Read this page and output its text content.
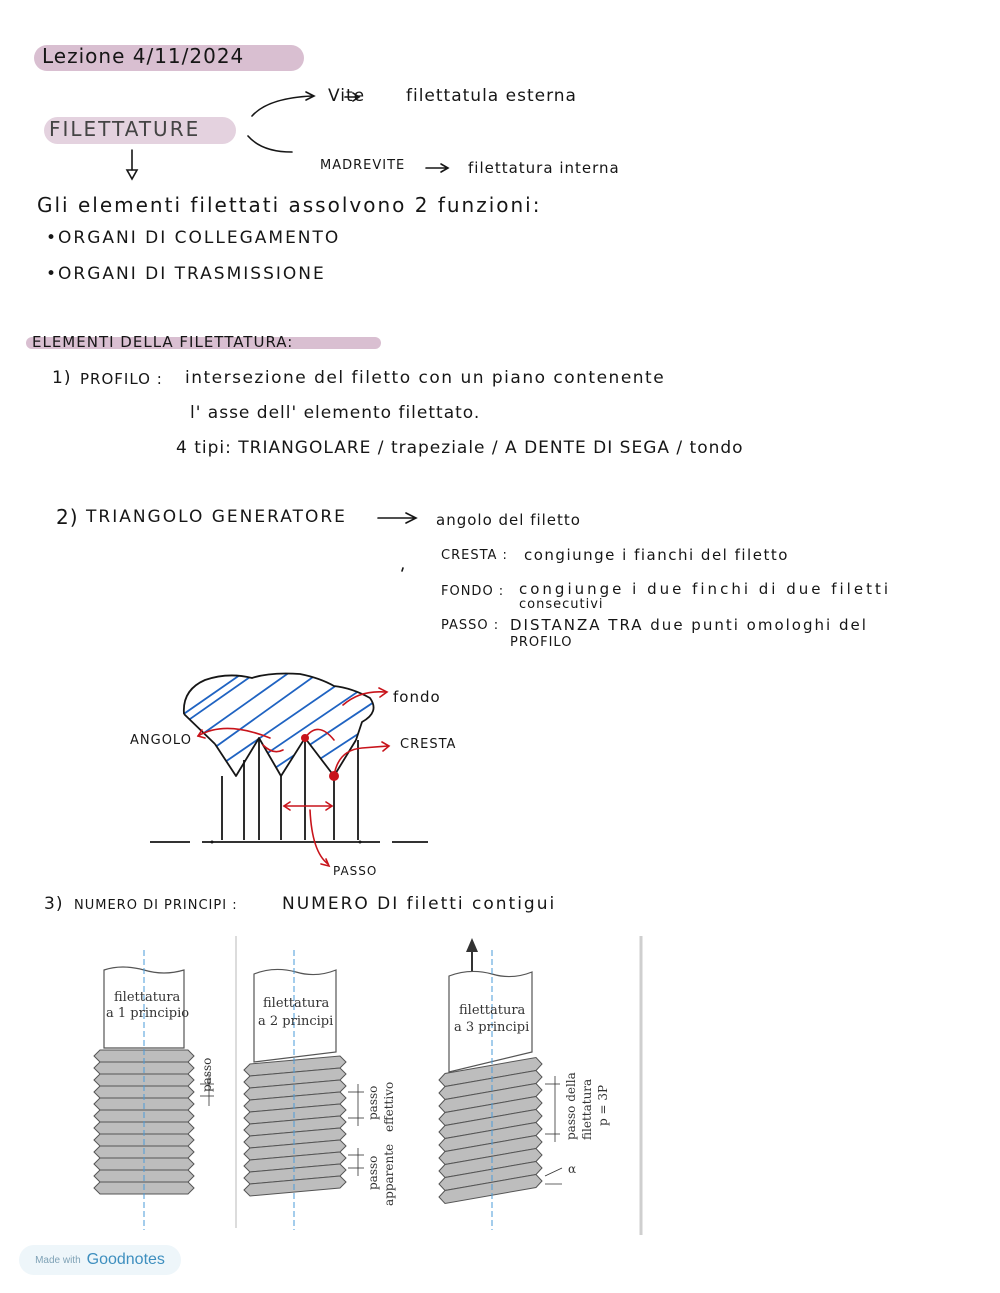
Lezione 4/11/2024
FILETTATURE
Vite filettatula esterna
MADREVITE	filettatura interna
Gli elementi filettati assolvono 2 funzioni:
•ORGANI DI COLLEGAMENTO
•ORGANI DI TRASMISSIONE
ELEMENTI DELLA FILETTATURA:
1) PROFILO : intersezione del filetto con un piano contenente
l' asse dell' elemento filettato.
4 tipi: TRIANGOLARE / trapeziale / A DENTE DI SEGA / tondo
2) TRIANGOLO GENERATORE	angolo del filetto
CRESTA : congiunge i fianchi del filetto
FONDO : congiunge i due finchi di due filetti
consecutivi
PASSO : DISTANZA TRA due punti omologhi del
PROFILO
ANGOLO
fondo
CRESTA
PASSO
3) NUMERO DI PRINCIPI :	NUMERO DI filetti contigui
filettatura
a 1 principio
passo
filettatura
a 2 principi
passo effettivo
passo apparente
filettatura
a 3 principi
passo della filettatura p = 3P
α
Made with Goodnotes
